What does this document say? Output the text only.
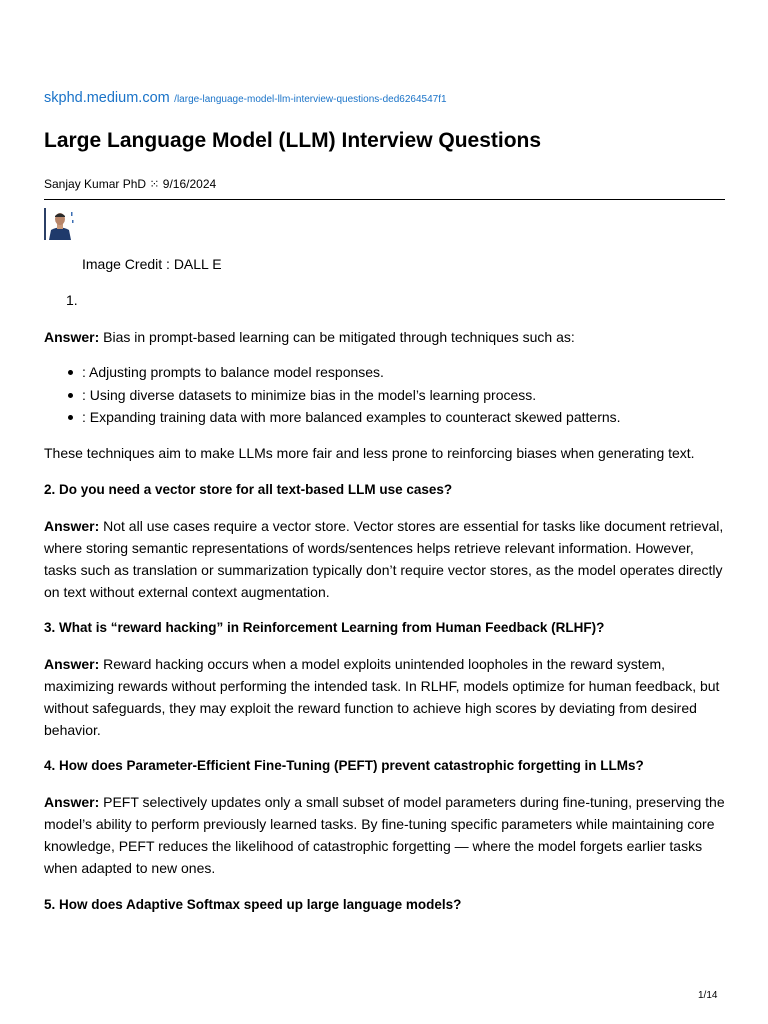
skphd.medium.com /large-language-model-llm-interview-questions-ded6264547f1
Large Language Model (LLM) Interview Questions
Sanjay Kumar PhD ⁙ 9/16/2024
Image Credit : DALL E
1.

Answer: Bias in prompt-based learning can be mitigated through techniques such as:

: Adjusting prompts to balance model responses.
: Using diverse datasets to minimize bias in the model’s learning process.
: Expanding training data with more balanced examples to counteract skewed patterns.

These techniques aim to make LLMs more fair and less prone to reinforcing biases when generating text.

2. Do you need a vector store for all text-based LLM use cases?

Answer: Not all use cases require a vector store. Vector stores are essential for tasks like document retrieval, where storing semantic representations of words/sentences helps retrieve relevant information. However, tasks such as translation or summarization typically don’t require vector stores, as the model operates directly on text without external context augmentation.

3. What is “reward hacking” in Reinforcement Learning from Human Feedback (RLHF)?

Answer: Reward hacking occurs when a model exploits unintended loopholes in the reward system, maximizing rewards without performing the intended task. In RLHF, models optimize for human feedback, but without safeguards, they may exploit the reward function to achieve high scores by deviating from desired behavior.

4. How does Parameter-Efficient Fine-Tuning (PEFT) prevent catastrophic forgetting in LLMs?

Answer: PEFT selectively updates only a small subset of model parameters during fine-tuning, preserving the model’s ability to perform previously learned tasks. By fine-tuning specific parameters while maintaining core knowledge, PEFT reduces the likelihood of catastrophic forgetting — where the model forgets earlier tasks when adapted to new ones.

5. How does Adaptive Softmax speed up large language models?

1/14
